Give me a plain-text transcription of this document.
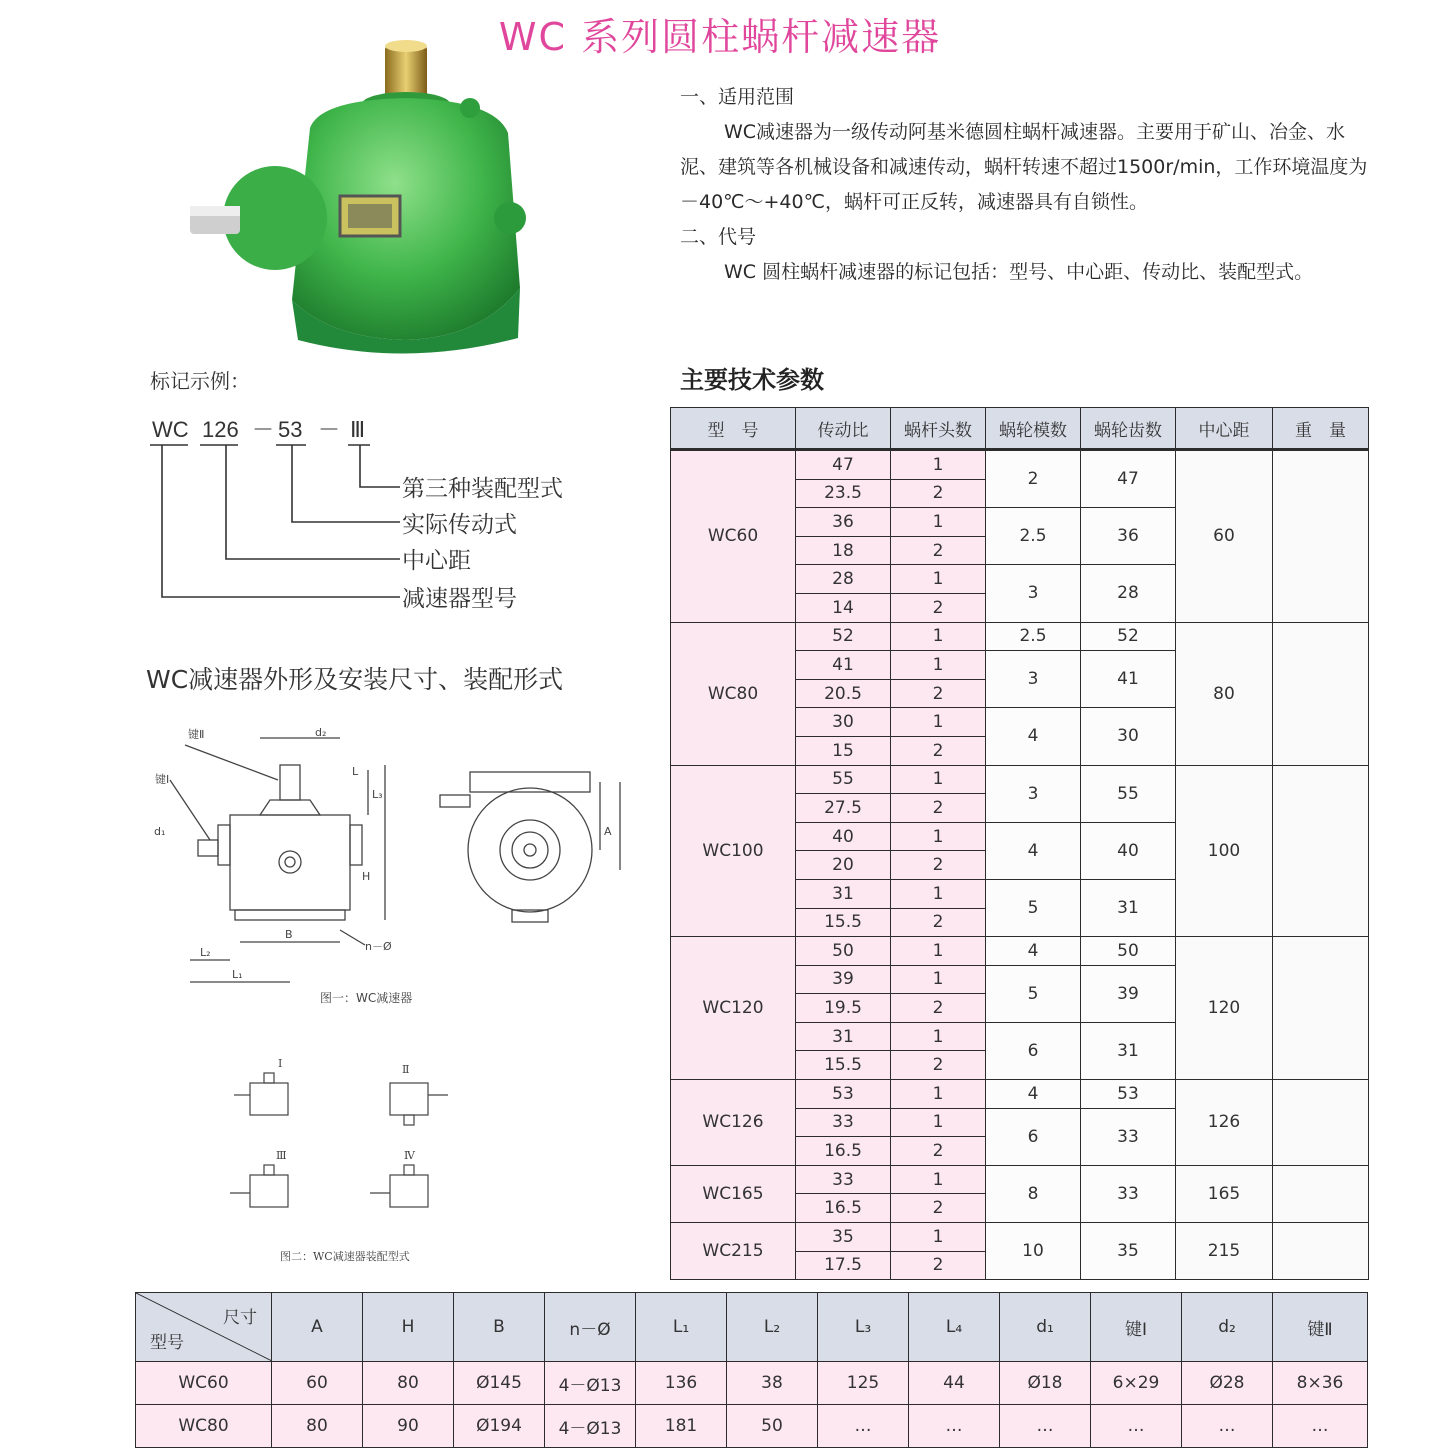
WC 系列圆柱蜗杆减速器

一、适用范围

WC减速器为一级传动阿基米德圆柱蜗杆减速器。主要用于矿山、冶金、水泥、建筑等各机械设备和减速传动，蜗杆转速不超过1500r/min，工作环境温度为－40℃～+40℃，蜗杆可正反转，减速器具有自锁性。

二、代号

WC 圆柱蜗杆减速器的标记包括：型号、中心距、传动比、装配型式。

标记示例：
WC 126 － 53 － Ⅲ
第三种装配型式
实际传动式
中心距
减速器型号
WC减速器外形及安装尺寸、装配形式
键Ⅱ
键Ⅰ
d₂
d₁
L₃
L₂
L₁
H
B
A
n－Ø
L
图一：WC减速器
Ⅰ	Ⅱ
Ⅲ	Ⅳ
图二：WC减速器装配型式
主要技术参数
型　号	传动比	蜗杆头数	蜗轮模数	蜗轮齿数	中心距	重　量
WC60	47	1	2	47	60	
	23.5	2				
	36	1	2.5	36		
	18	2				
	28	1	3	28		
	14	2				
WC80	52	1	2.5	52	80	
	41	1	3	41		
	20.5	2				
	30	1	4	30		
	15	2				
WC100	55	1	3	55	100	
	27.5	2				
	40	1	4	40		
	20	2				
	31	1	5	31		
	15.5	2				
WC120	50	1	4	50	120	
	39	1	5	39		
	19.5	2				
	31	1	6	31		
	15.5	2				
WC126	53	1	4	53	126	
	33	1	6	33		
	16.5	2				
WC165	33	1	8	33	165	
	16.5	2				
WC215	35	1	10	35	215	
	17.5	2				
尺寸
型号	A	H	B	n－Ø	L₁	L₂	L₃	L₄	d₁	键Ⅰ	d₂	键Ⅱ
WC60	60	80	Ø145	4－Ø13	136	38	125	44	Ø18	6×29	Ø28	8×36
WC80	80	90	Ø194	4－Ø13	181	50	…	…	…	…	…	…
